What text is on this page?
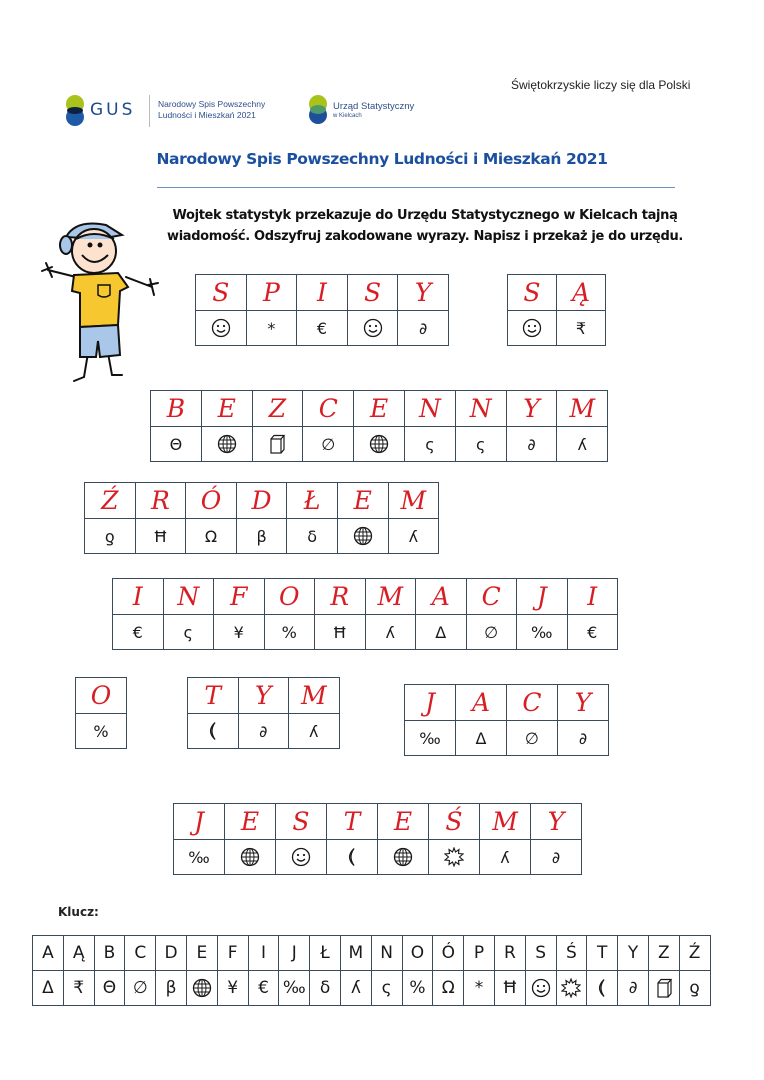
Świętokrzyskie liczy się dla Polski
GUS	Narodowy Spis Powszechny
Ludności i Mieszkań 2021
Urząd Statystyczny
w Kielcach
Narodowy Spis Powszechny Ludności i Mieszkań 2021
Wojtek statystyk przekazuje do Urzędu Statystycznego w Kielcach tajną
wiadomość. Odszyfruj zakodowane wyrazy. Napisz i przekaż je do urzędu.
S	P	I	S	Y
	*	€		∂
S	Ą
	₹
B	E	Z	C	E	N	N	Y	M
Θ			∅		ς	ς	∂	ʎ
Ź	R	Ó	D	Ł	E	M
ƍ	Ħ	Ω	β	δ		ʎ
I	N	F	O	R	M	A	C	J	I
€	ς	¥	%	Ħ	ʎ	Δ	∅	‰	€
O
%
T	Y	M
	∂	ʎ
J	A	C	Y
‰	Δ	∅	∂
J	E	S	T	E	Ś	M	Y
‰						ʎ	∂
Klucz:
A	Ą	B	C	D	E	F	I	J	Ł	M	N	O	Ó	P	R	S	Ś	T	Y	Z	Ź
Δ	₹	Θ	∅	β		¥	€	‰	δ	ʎ	ς	%	Ω	*	Ħ				∂		ƍ
